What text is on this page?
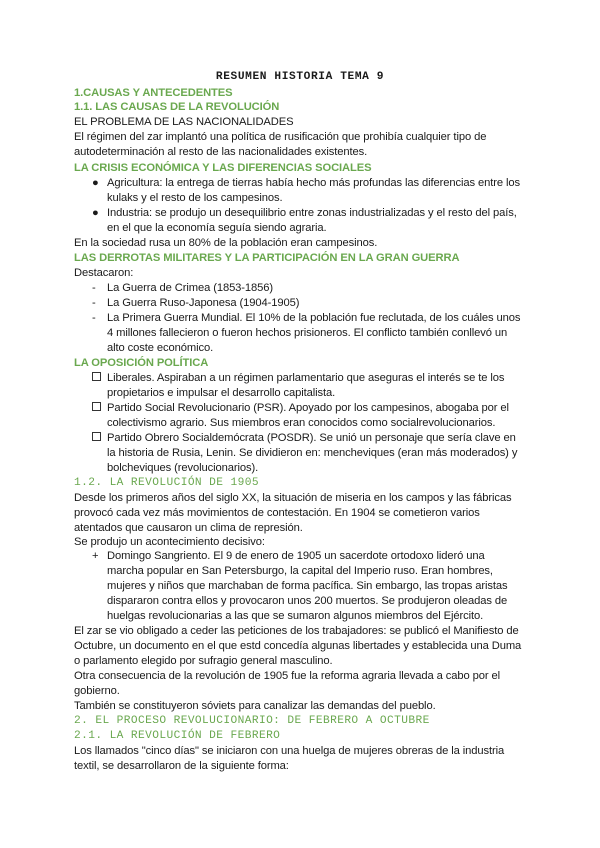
RESUMEN HISTORIA TEMA 9
1.CAUSAS Y ANTECEDENTES
1.1. LAS CAUSAS DE LA REVOLUCIÓN
EL PROBLEMA DE LAS NACIONALIDADES
El régimen del zar implantó una política de rusificación que prohibía cualquier tipo de
autodeterminación al resto de las nacionalidades existentes.
LA CRISIS ECONÓMICA Y LAS DIFERENCIAS SOCIALES
● Agricultura: la entrega de tierras había hecho más profundas las diferencias entre los
kulaks y el resto de los campesinos.
● Industria: se produjo un desequilibrio entre zonas industrializadas y el resto del país,
en el que la economía seguía siendo agraria.
En la sociedad rusa un 80% de la población eran campesinos.
LAS DERROTAS MILITARES Y LA PARTICIPACIÓN EN LA GRAN GUERRA
Destacaron:
- La Guerra de Crimea (1853-1856)
- La Guerra Ruso-Japonesa (1904-1905)
- La Primera Guerra Mundial. El 10% de la población fue reclutada, de los cuáles unos
4 millones fallecieron o fueron hechos prisioneros. El conflicto también conllevó un
alto coste económico.
LA OPOSICIÓN POLÍTICA
Liberales. Aspiraban a un régimen parlamentario que aseguras el interés se te los
propietarios e impulsar el desarrollo capitalista.
Partido Social Revolucionario (PSR). Apoyado por los campesinos, abogaba por el
colectivismo agrario. Sus miembros eran conocidos como socialrevolucionarios.
Partido Obrero Socialdemócrata (POSDR). Se unió un personaje que sería clave en
la historia de Rusia, Lenin. Se dividieron en: mencheviques (eran más moderados) y
bolcheviques (revolucionarios).
1.2. LA REVOLUCIÓN DE 1905
Desde los primeros años del siglo XX, la situación de miseria en los campos y las fábricas
provocó cada vez más movimientos de contestación. En 1904 se cometieron varios
atentados que causaron un clima de represión.
Se produjo un acontecimiento decisivo:
+ Domingo Sangriento. El 9 de enero de 1905 un sacerdote ortodoxo lideró una
marcha popular en San Petersburgo, la capital del Imperio ruso. Eran hombres,
mujeres y niños que marchaban de forma pacífica. Sin embargo, las tropas aristas
dispararon contra ellos y provocaron unos 200 muertos. Se produjeron oleadas de
huelgas revolucionarias a las que se sumaron algunos miembros del Ejército.
El zar se vio obligado a ceder las peticiones de los trabajadores: se publicó el Manifiesto de
Octubre, un documento en el que estd concedía algunas libertades y establecida una Duma
o parlamento elegido por sufragio general masculino.
Otra consecuencia de la revolución de 1905 fue la reforma agraria llevada a cabo por el
gobierno.
También se constituyeron sóviets para canalizar las demandas del pueblo.
2. EL PROCESO REVOLUCIONARIO: DE FEBRERO A OCTUBRE
2.1. LA REVOLUCIÓN DE FEBRERO
Los llamados "cinco días" se iniciaron con una huelga de mujeres obreras de la industria
textil, se desarrollaron de la siguiente forma:
